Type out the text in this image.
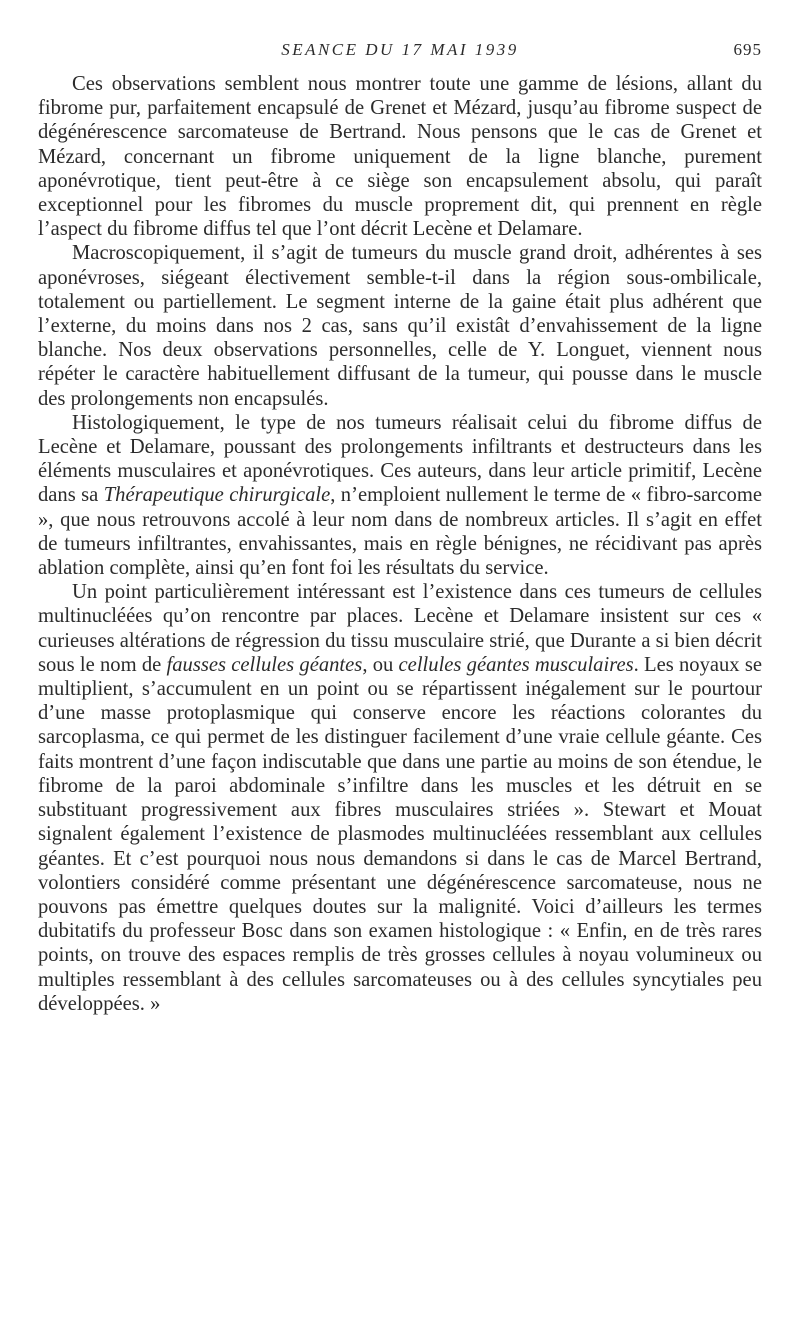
SEANCE DU 17 MAI 1939	695

Ces observations semblent nous montrer toute une gamme de lésions, allant du fibrome pur, parfaitement encapsulé de Grenet et Mézard, jusqu’au fibrome suspect de dégénérescence sarcomateuse de Bertrand. Nous pensons que le cas de Grenet et Mézard, concernant un fibrome uniquement de la ligne blanche, purement aponévrotique, tient peut-être à ce siège son encapsulement absolu, qui paraît exceptionnel pour les fibromes du muscle proprement dit, qui prennent en règle l’aspect du fibrome diffus tel que l’ont décrit Lecène et Delamare.

Macroscopiquement, il s’agit de tumeurs du muscle grand droit, adhérentes à ses aponévroses, siégeant électivement semble-t-il dans la région sous-ombilicale, totalement ou partiellement. Le segment interne de la gaine était plus adhérent que l’externe, du moins dans nos 2 cas, sans qu’il existât d’envahissement de la ligne blanche. Nos deux observations personnelles, celle de Y. Longuet, viennent nous répéter le caractère habituellement diffusant de la tumeur, qui pousse dans le muscle des prolongements non encapsulés.

Histologiquement, le type de nos tumeurs réalisait celui du fibrome diffus de Lecène et Delamare, poussant des prolongements infiltrants et destructeurs dans les éléments musculaires et aponévrotiques. Ces auteurs, dans leur article primitif, Lecène dans sa Thérapeutique chirurgicale, n’emploient nullement le terme de « fibro-sarcome », que nous retrouvons accolé à leur nom dans de nombreux articles. Il s’agit en effet de tumeurs infiltrantes, envahissantes, mais en règle bénignes, ne récidivant pas après ablation complète, ainsi qu’en font foi les résultats du service.

Un point particulièrement intéressant est l’existence dans ces tumeurs de cellules multinucléées qu’on rencontre par places. Lecène et Delamare insistent sur ces « curieuses altérations de régression du tissu musculaire strié, que Durante a si bien décrit sous le nom de fausses cellules géantes, ou cellules géantes musculaires. Les noyaux se multiplient, s’accumulent en un point ou se répartissent inégalement sur le pourtour d’une masse protoplasmique qui conserve encore les réactions colorantes du sarcoplasma, ce qui permet de les distinguer facilement d’une vraie cellule géante. Ces faits montrent d’une façon indiscutable que dans une partie au moins de son étendue, le fibrome de la paroi abdominale s’infiltre dans les muscles et les détruit en se substituant progressivement aux fibres musculaires striées ». Stewart et Mouat signalent également l’existence de plasmodes multinucléées ressemblant aux cellules géantes. Et c’est pourquoi nous nous demandons si dans le cas de Marcel Bertrand, volontiers considéré comme présentant une dégénérescence sarcomateuse, nous ne pouvons pas émettre quelques doutes sur la malignité. Voici d’ailleurs les termes dubitatifs du professeur Bosc dans son examen histologique : « Enfin, en de très rares points, on trouve des espaces remplis de très grosses cellules à noyau volumineux ou multiples ressemblant à des cellules sarcomateuses ou à des cellules syncytiales peu développées. »
